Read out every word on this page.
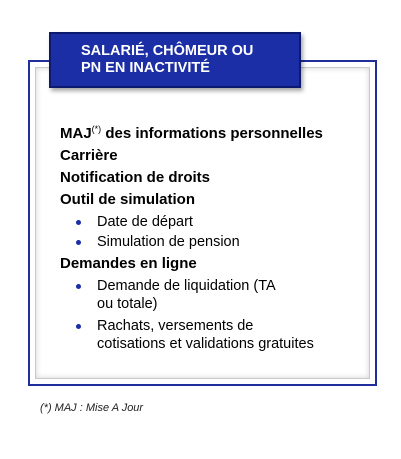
SALARIÉ, CHÔMEUR OU
PN EN INACTIVITÉ
MAJ(*) des informations personnelles
Carrière
Notification de droits
Outil de simulation
Date de départ
Simulation de pension
Demandes en ligne
Demande de liquidation (TA
ou totale)
Rachats, versements de
cotisations et validations gratuites
(*) MAJ : Mise A Jour
